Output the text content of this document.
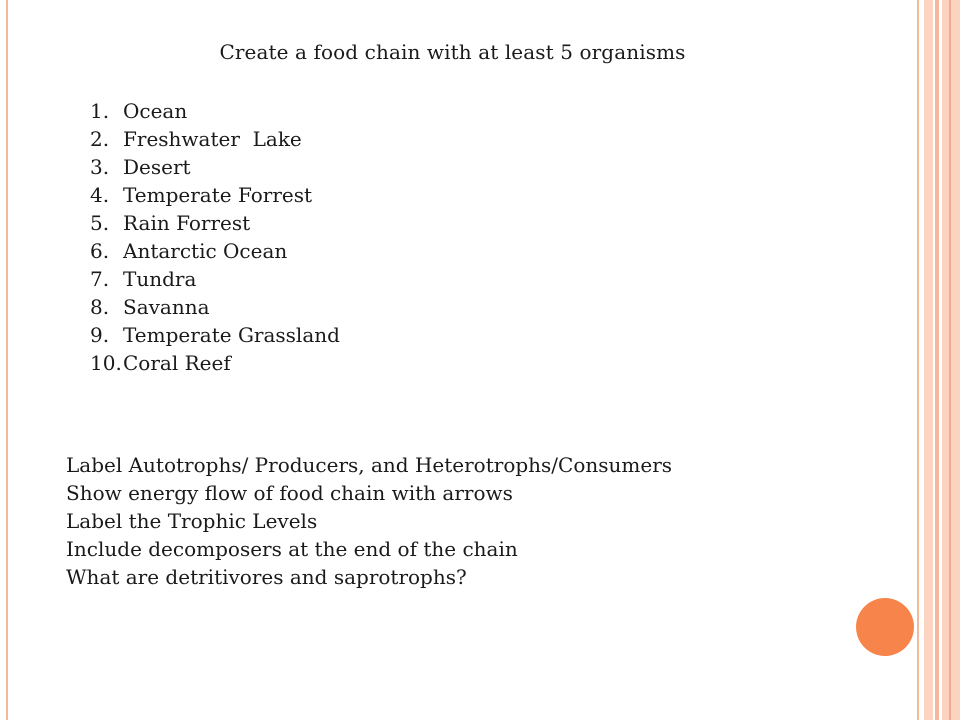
Create a food chain with at least 5 organisms
1. Ocean
2. Freshwater  Lake
3. Desert
4. Temperate Forrest
5. Rain Forrest
6. Antarctic Ocean
7. Tundra
8. Savanna
9. Temperate Grassland
10.Coral Reef
Label Autotrophs/ Producers, and Heterotrophs/Consumers
Show energy flow of food chain with arrows
Label the Trophic Levels
Include decomposers at the end of the chain
What are detritivores and saprotrophs?
